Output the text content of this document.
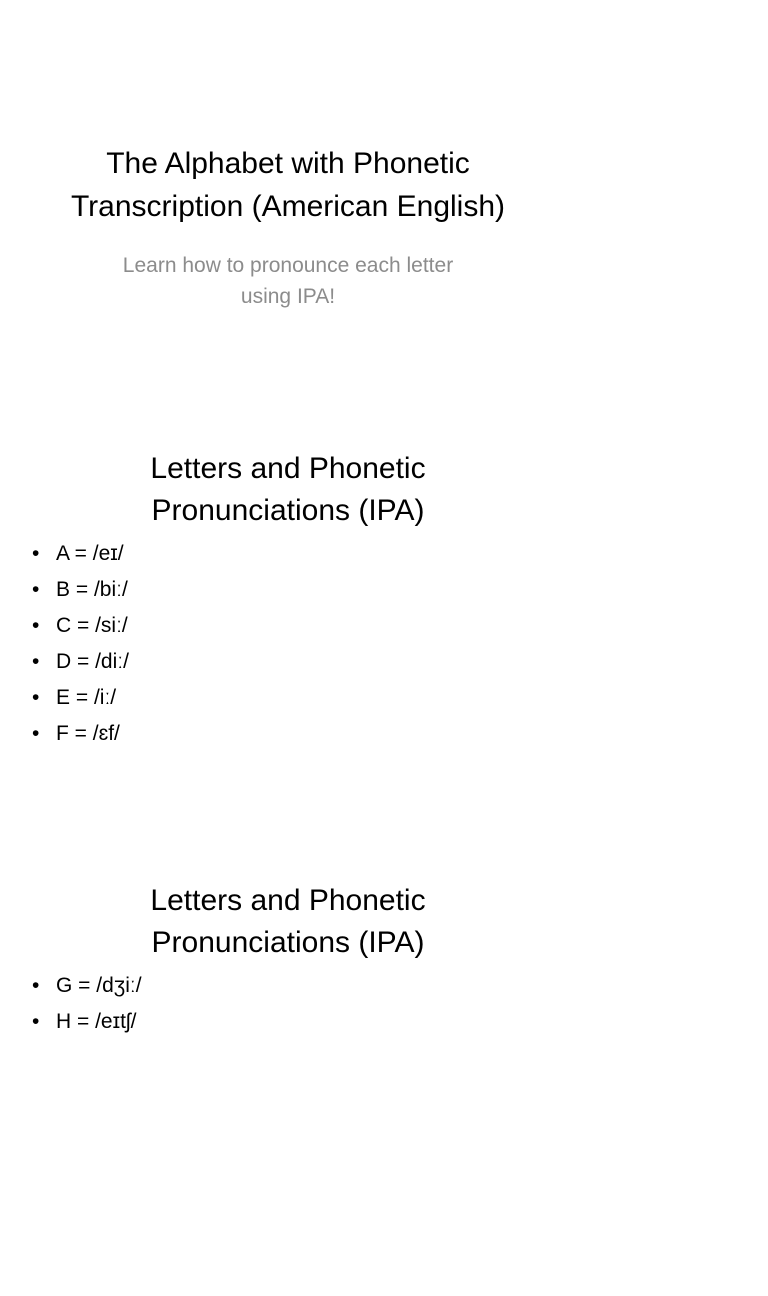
The Alphabet with Phonetic
Transcription (American English)

Learn how to pronounce each letter
using IPA!

Letters and Phonetic
Pronunciations (IPA)
• A = /eɪ/
• B = /biː/
• C = /siː/
• D = /diː/
• E = /iː/
• F = /ɛf/
Letters and Phonetic
Pronunciations (IPA)
• G = /dʒiː/
• H = /eɪtʃ/
